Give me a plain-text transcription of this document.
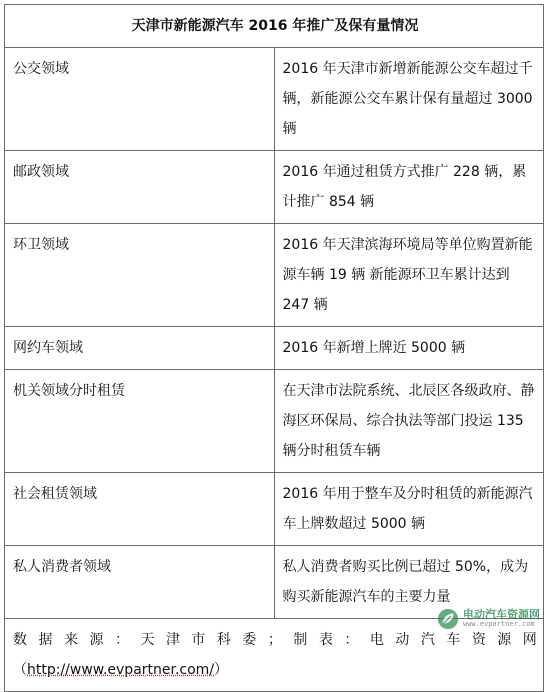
天津市新能源汽车 2016 年推广及保有量情况	
公交领域	2016 年天津市新增新能源公交车超过千辆，新能源公交车累计保有量超过 3000 辆
邮政领域	2016 年通过租赁方式推广 228 辆，累计推广 854 辆
环卫领域	2016 年天津滨海环境局等单位购置新能源车辆 19 辆 新能源环卫车累计达到 247 辆
网约车领域	2016 年新增上牌近 5000 辆
机关领域分时租赁	在天津市法院系统、北辰区各级政府、静海区环保局、综合执法等部门投运 135 辆分时租赁车辆
社会租赁领域	2016 年用于整车及分时租赁的新能源汽车上牌数超过 5000 辆
私人消费者领域	私人消费者购买比例已超过 50%，成为购买新能源汽车的主要力量

数据来源：天津市科委；制表：电动汽车资源网
（http://www.evpartner.com/）	
电动汽车资源网
www.evpartner.com
